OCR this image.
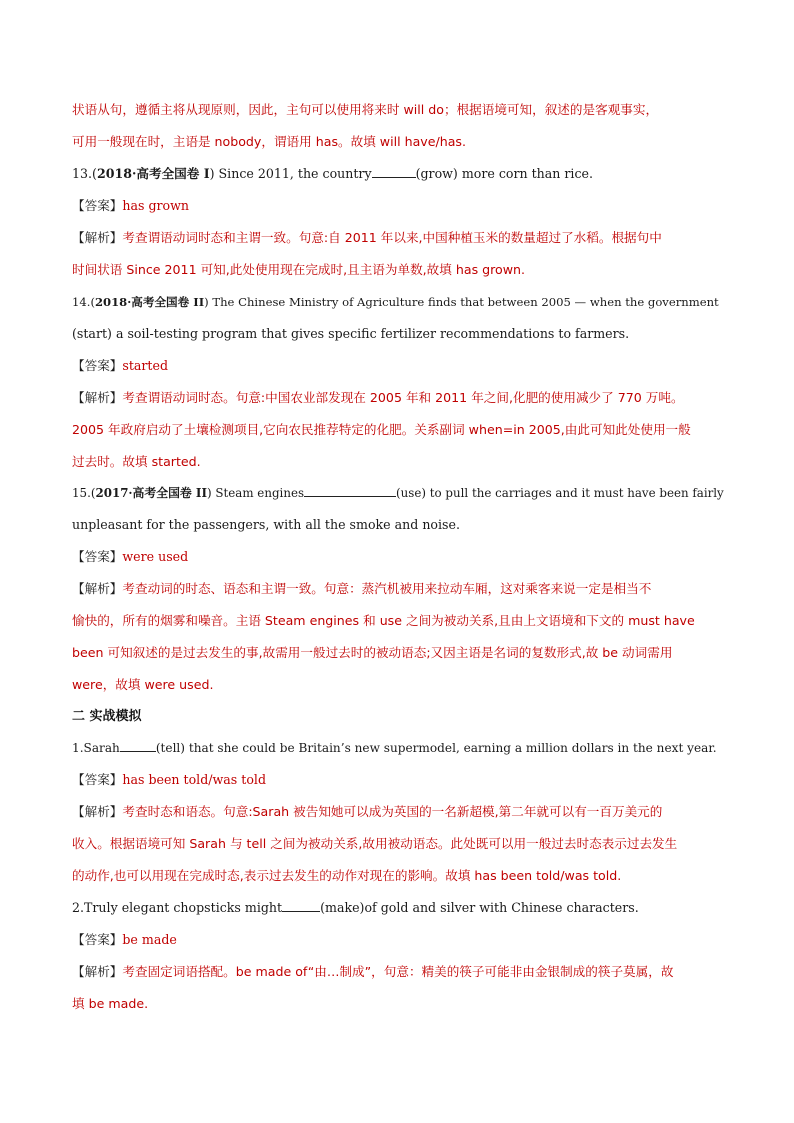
状语从句，遵循主将从现原则，因此，主句可以使用将来时 will do；根据语境可知，叙述的是客观事实，
可用一般现在时，主语是 nobody，谓语用 has。故填 will have/has.
13.(2018·高考全国卷 I) Since 2011, the country	(grow) more corn than rice.
【答案】has grown
【解析】考查谓语动词时态和主谓一致。句意:自 2011 年以来,中国种植玉米的数量超过了水稻。根据句中
时间状语 Since 2011 可知,此处使用现在完成时,且主语为单数,故填 has grown.
14.(2018·高考全国卷 II) The Chinese Ministry of Agriculture finds that between 2005 — when the government
(start) a soil-testing program that gives specific fertilizer recommendations to farmers.
【答案】started
【解析】考查谓语动词时态。句意:中国农业部发现在 2005 年和 2011 年之间,化肥的使用减少了 770 万吨。
2005 年政府启动了土壤检测项目,它向农民推荐特定的化肥。关系副词 when=in 2005,由此可知此处使用一般
过去时。故填 started.
15.(2017·高考全国卷 II) Steam engines	(use) to pull the carriages and it must have been fairly
unpleasant for the passengers, with all the smoke and noise.
【答案】were used
【解析】考查动词的时态、语态和主谓一致。句意：蒸汽机被用来拉动车厢，这对乘客来说一定是相当不
愉快的，所有的烟雾和噪音。主语 Steam engines 和 use 之间为被动关系,且由上文语境和下文的 must have
been 可知叙述的是过去发生的事,故需用一般过去时的被动语态;又因主语是名词的复数形式,故 be 动词需用
were，故填 were used.
二 实战模拟
1.Sarah	(tell) that she could be Britain’s new supermodel, earning a million dollars in the next year.
【答案】has been told/was told
【解析】考查时态和语态。句意:Sarah 被告知她可以成为英国的一名新超模,第二年就可以有一百万美元的
收入。根据语境可知 Sarah 与 tell 之间为被动关系,故用被动语态。此处既可以用一般过去时态表示过去发生
的动作,也可以用现在完成时态,表示过去发生的动作对现在的影响。故填 has been told/was told.
2.Truly elegant chopsticks might	(make)of gold and silver with Chinese characters.
【答案】be made
【解析】考查固定词语搭配。be made of“由…制成”，句意：精美的筷子可能非由金银制成的筷子莫属，故
填 be made.
